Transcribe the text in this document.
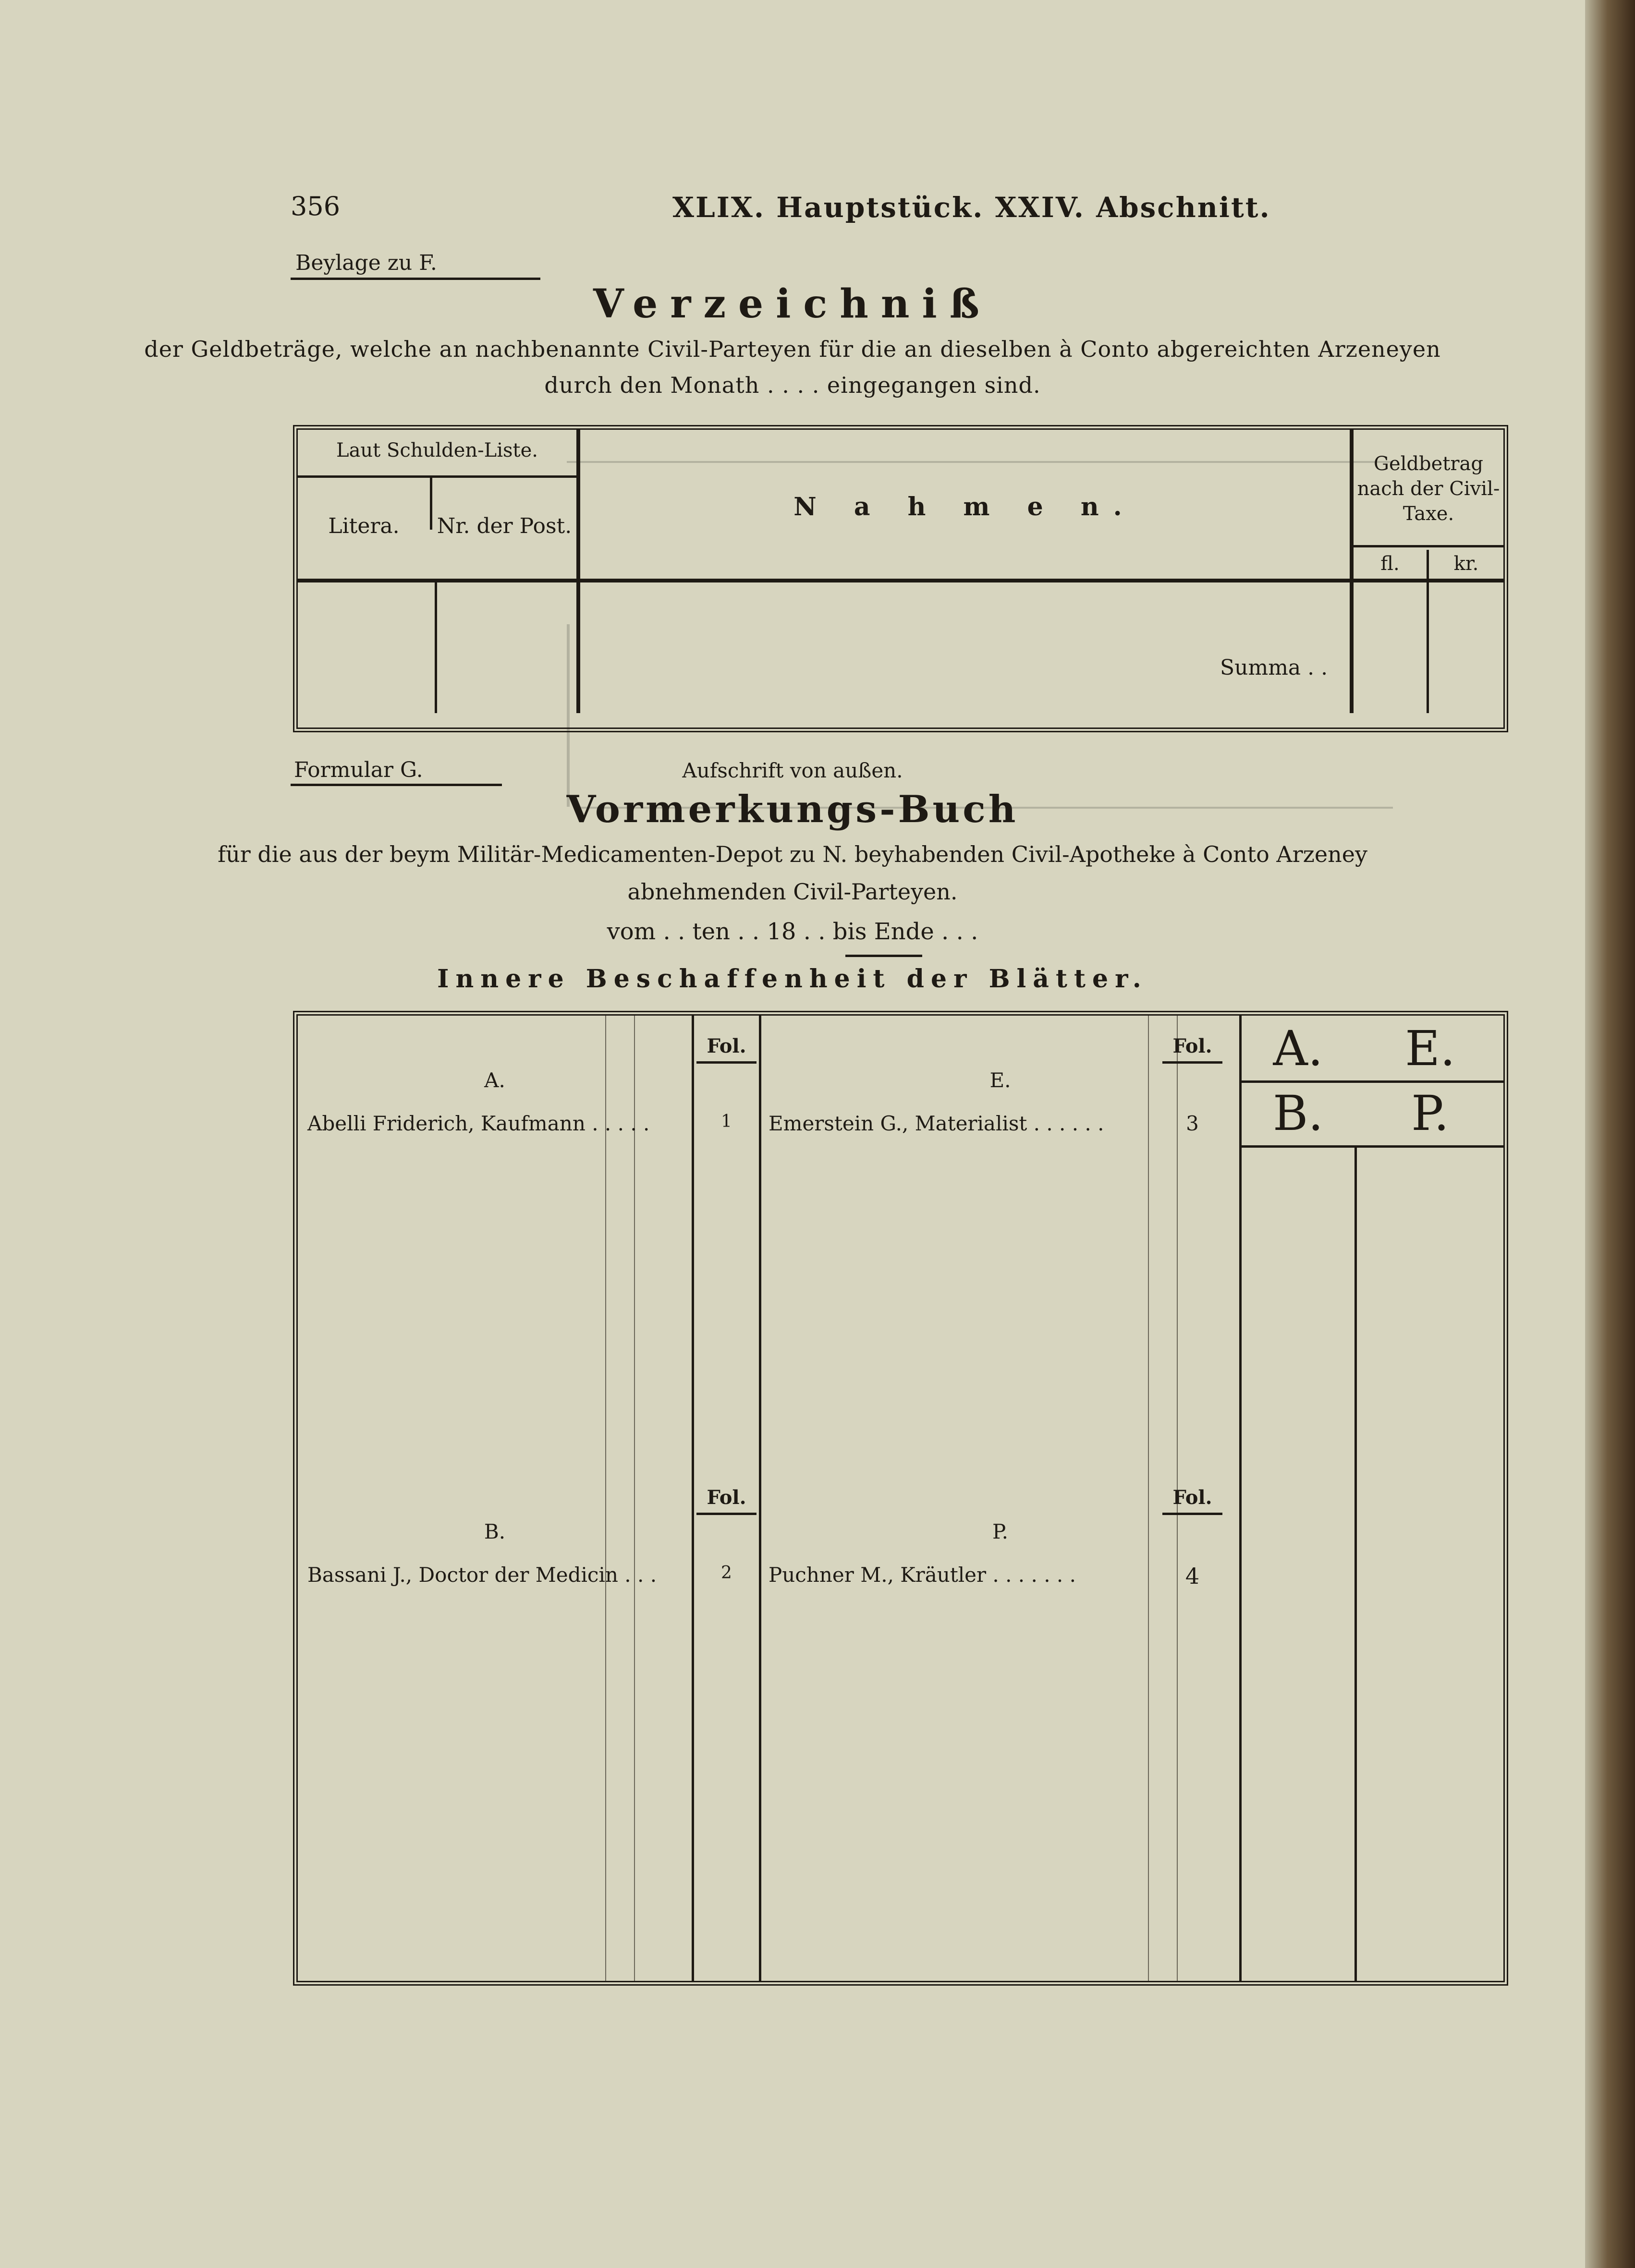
356	XLIX. Hauptstück. XXIV. Abschnitt.
Beylage zu F.
Verzeichniß
der Geldbeträge, welche an nachbenannte Civil-Parteyen für die an dieselben à Conto abgereichten Arzeneyen
durch den Monath . . . . eingegangen sind.
Laut Schulden-Liste.
Litera.	Nr. der Post.
N a h m e n.
Geldbetrag
nach der Civil-
Taxe.
fl.	kr.
Summa . .
Formular G.	Aufschrift von außen.
Vormerkungs-Buch
für die aus der beym Militär-Medicamenten-Depot zu N. beyhabenden Civil-Apotheke à Conto Arzeney
abnehmenden Civil-Parteyen.
vom . . ten . . 18 . . bis Ende . . .
Innere Beschaffenheit der Blätter.
Fol.	Fol.
Fol.	Fol.
A.
Abelli Friderich, Kaufmann . . . . .	1
E.
Emerstein G., Materialist . . . . . .	3
B.
Bassani J., Doctor der Medicin . . .	2
P.
Puchner M., Kräutler . . . . . . .	4
A.	E.
B.	P.
